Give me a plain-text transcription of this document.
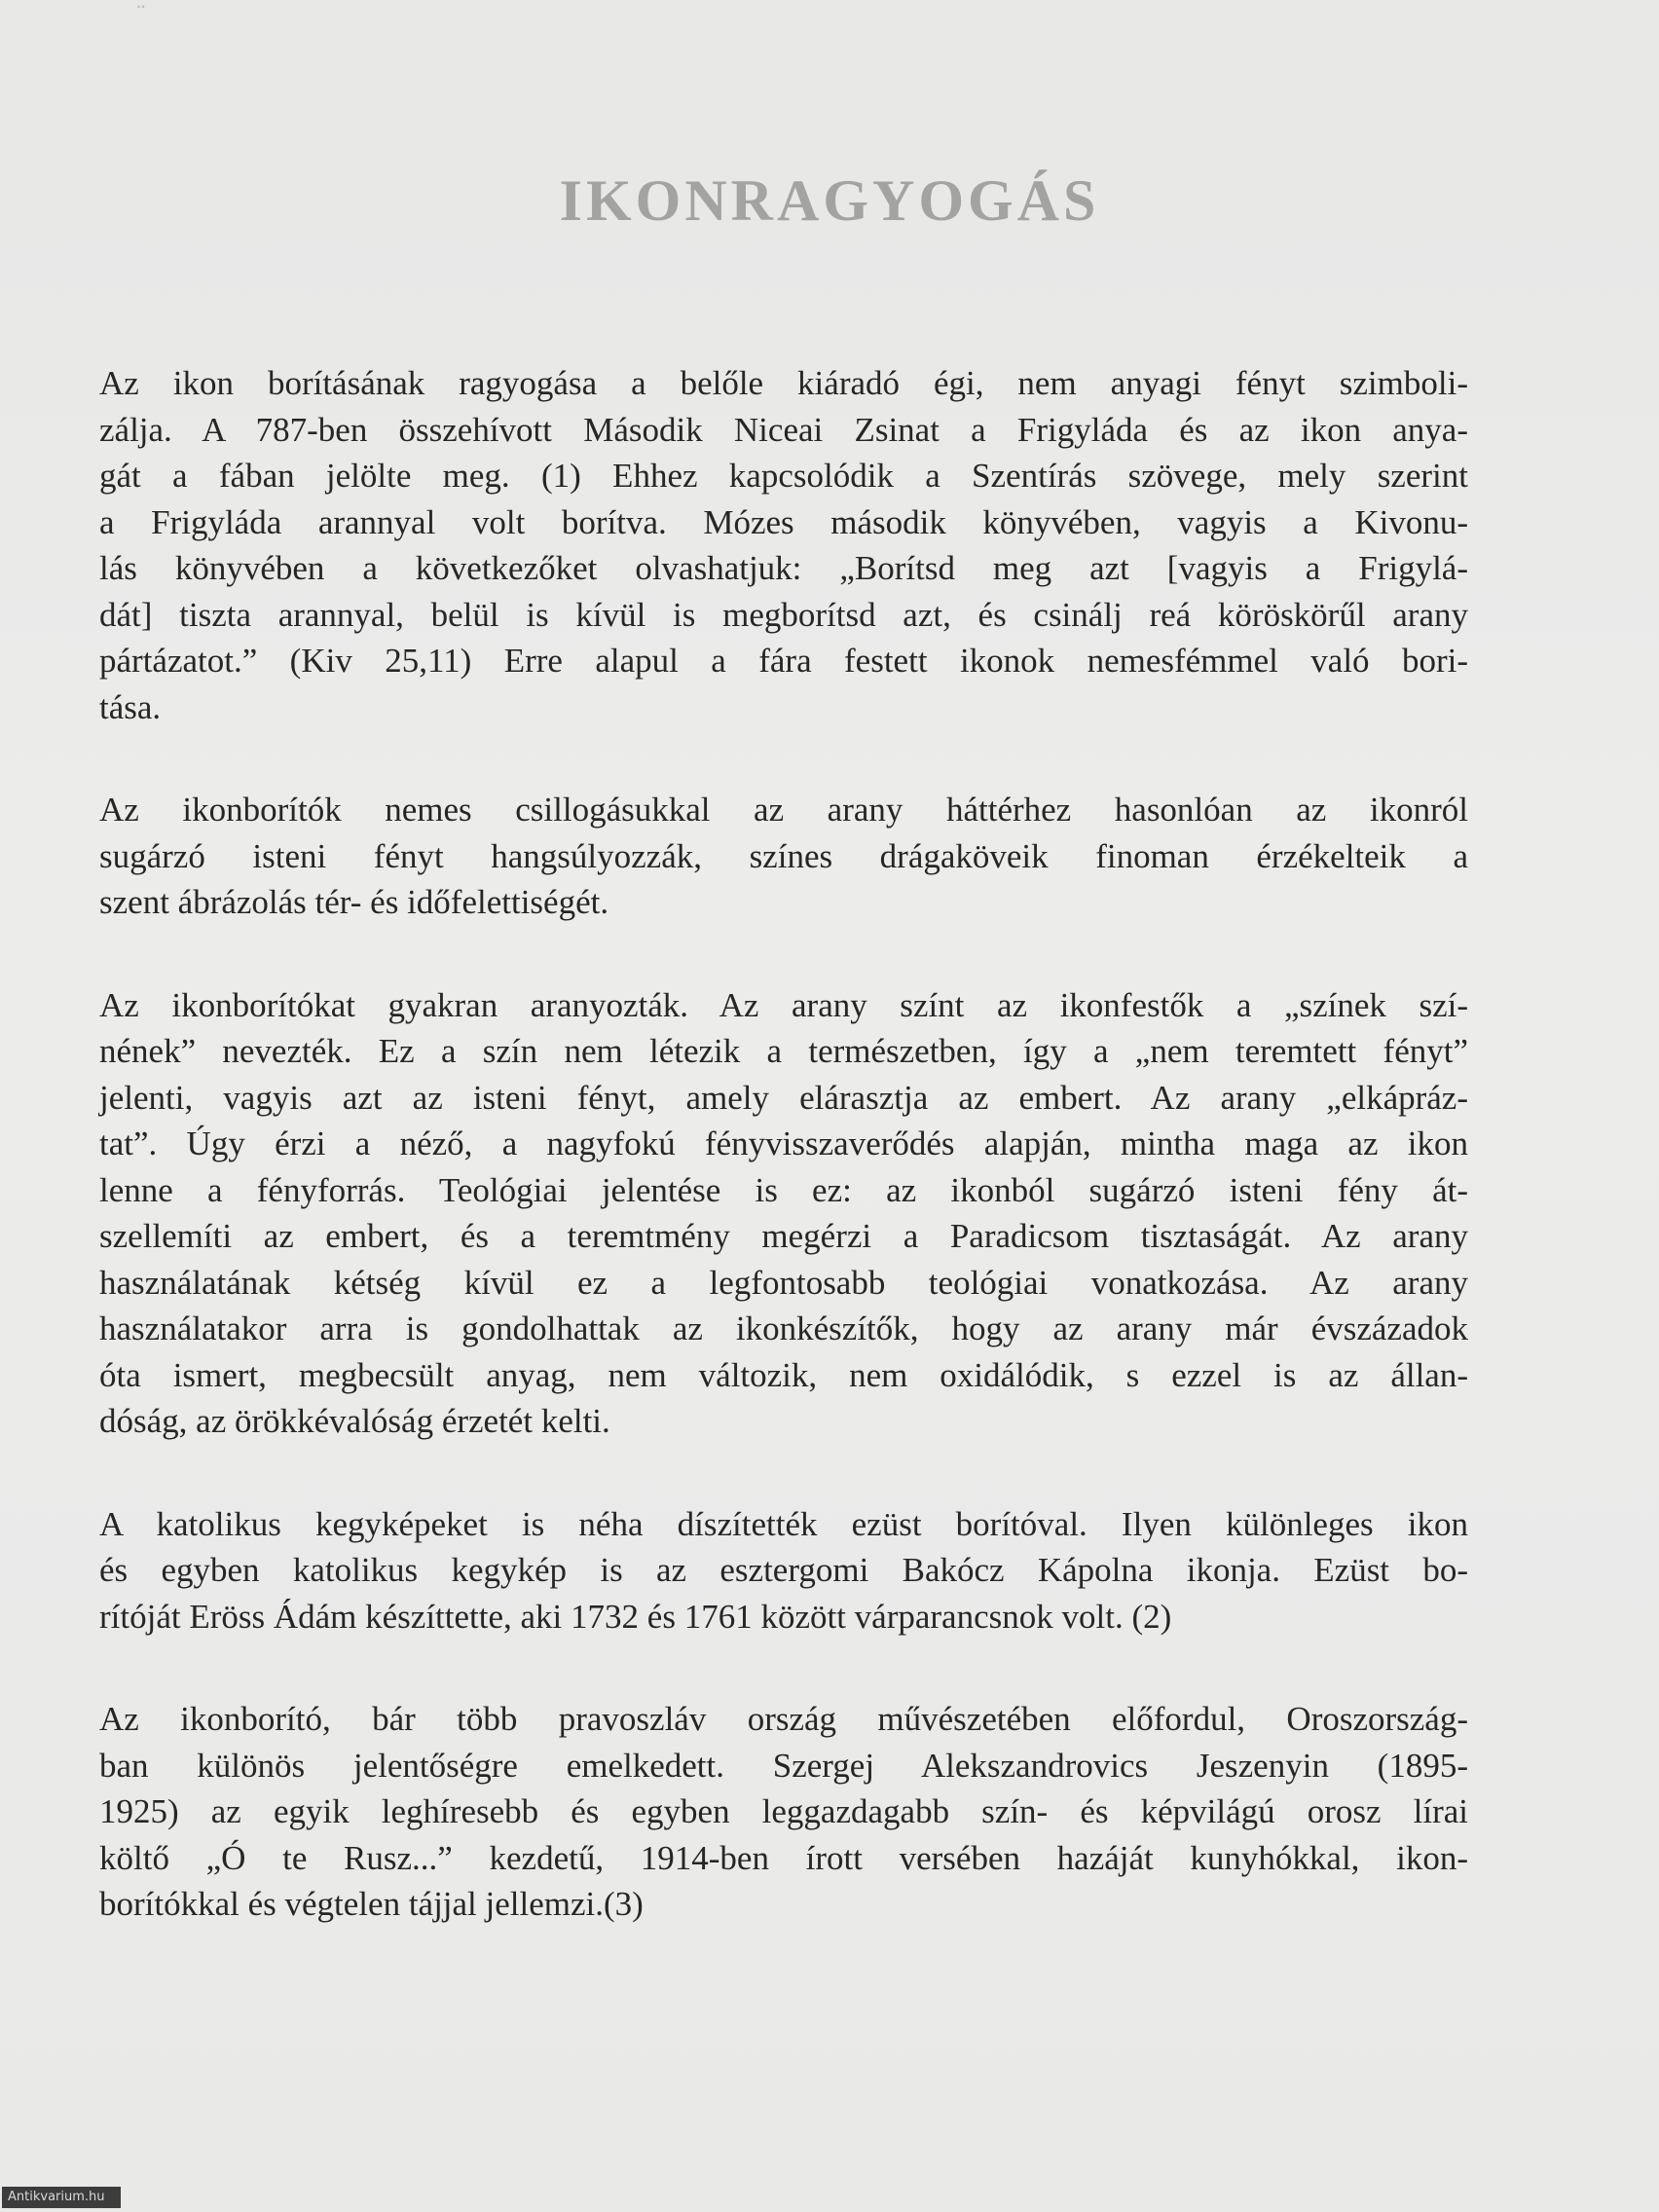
¸¸
IKONRAGYOGÁS

Az ikon borításának ragyogása a belőle kiáradó égi, nem anyagi fényt szimboli-
zálja. A 787-ben összehívott Második Niceai Zsinat a Frigyláda és az ikon anya-
gát a fában jelölte meg. (1) Ehhez kapcsolódik a Szentírás szövege, mely szerint
a Frigyláda arannyal volt borítva. Mózes második könyvében, vagyis a Kivonu-
lás könyvében a következőket olvashatjuk: „Borítsd meg azt [vagyis a Frigylá-
dát] tiszta arannyal, belül is kívül is megborítsd azt, és csinálj reá köröskörűl arany
pártázatot.” (Kiv 25,11) Erre alapul a fára festett ikonok nemesfémmel való bori-
tása.

Az ikonborítók nemes csillogásukkal az arany háttérhez hasonlóan az ikonról
sugárzó isteni fényt hangsúlyozzák, színes drágaköveik finoman érzékelteik a
szent ábrázolás tér- és időfelettiségét.

Az ikonborítókat gyakran aranyozták. Az arany színt az ikonfestők a „színek szí-
nének” nevezték. Ez a szín nem létezik a természetben, így a „nem teremtett fényt”
jelenti, vagyis azt az isteni fényt, amely elárasztja az embert. Az arany „elkápráz-
tat”. Úgy érzi a néző, a nagyfokú fényvisszaverődés alapján, mintha maga az ikon
lenne a fényforrás. Teológiai jelentése is ez: az ikonból sugárzó isteni fény át-
szellemíti az embert, és a teremtmény megérzi a Paradicsom tisztaságát. Az arany
használatának kétség kívül ez a legfontosabb teológiai vonatkozása. Az arany
használatakor arra is gondolhattak az ikonkészítők, hogy az arany már évszázadok
óta ismert, megbecsült anyag, nem változik, nem oxidálódik, s ezzel is az állan-
dóság, az örökkévalóság érzetét kelti.

A katolikus kegyképeket is néha díszítették ezüst borítóval. Ilyen különleges ikon
és egyben katolikus kegykép is az esztergomi Bakócz Kápolna ikonja. Ezüst bo-
rítóját Eröss Ádám készíttette, aki 1732 és 1761 között várparancsnok volt. (2)

Az ikonborító, bár több pravoszláv ország művészetében előfordul, Oroszország-
ban különös jelentőségre emelkedett. Szergej Alekszandrovics Jeszenyin (1895-
1925) az egyik leghíresebb és egyben leggazdagabb szín- és képvilágú orosz lírai
költő „Ó te Rusz...” kezdetű, 1914-ben írott versében hazáját kunyhókkal, ikon-
borítókkal és végtelen tájjal jellemzi.(3)

Antikvarium.hu
